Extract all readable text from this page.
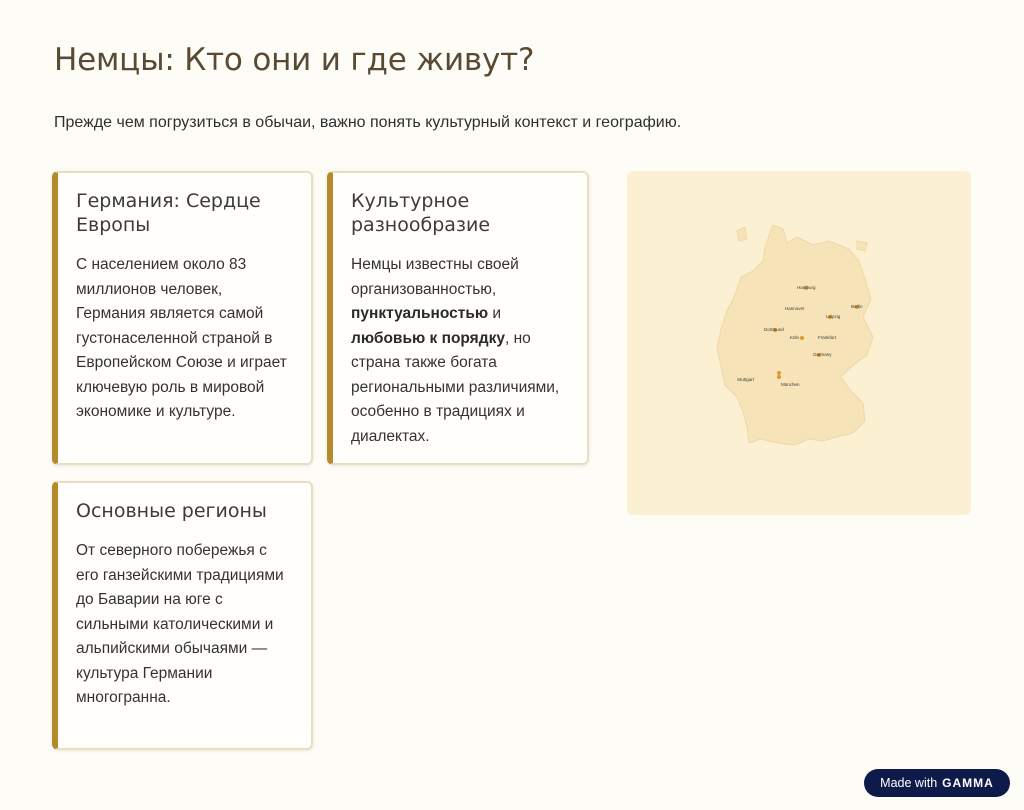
Немцы: Кто они и где живут?

Прежде чем погрузиться в обычаи, важно понять культурный контекст и географию.

Германия: Сердце Европы

С населением около 83 миллионов человек, Германия является самой густонаселенной страной в Европейском Союзе и играет ключевую роль в мировой экономике и культуре.

Культурное разнообразие

Немцы известны своей организованностью, пунктуальностью и любовью к порядку, но страна также богата региональными различиями, особенно в традициях и диалектах.

Основные регионы

От северного побережья с его ганзейскими традициями до Баварии на юге с сильными католическими и альпийскими обычаями — культура Германии многогранна.

Hamburg
Berlin
Hannover
Leipzig
Dortmund
Köln
Germany
Frankfurt
Stuttgart
München
Made with GAMMA
